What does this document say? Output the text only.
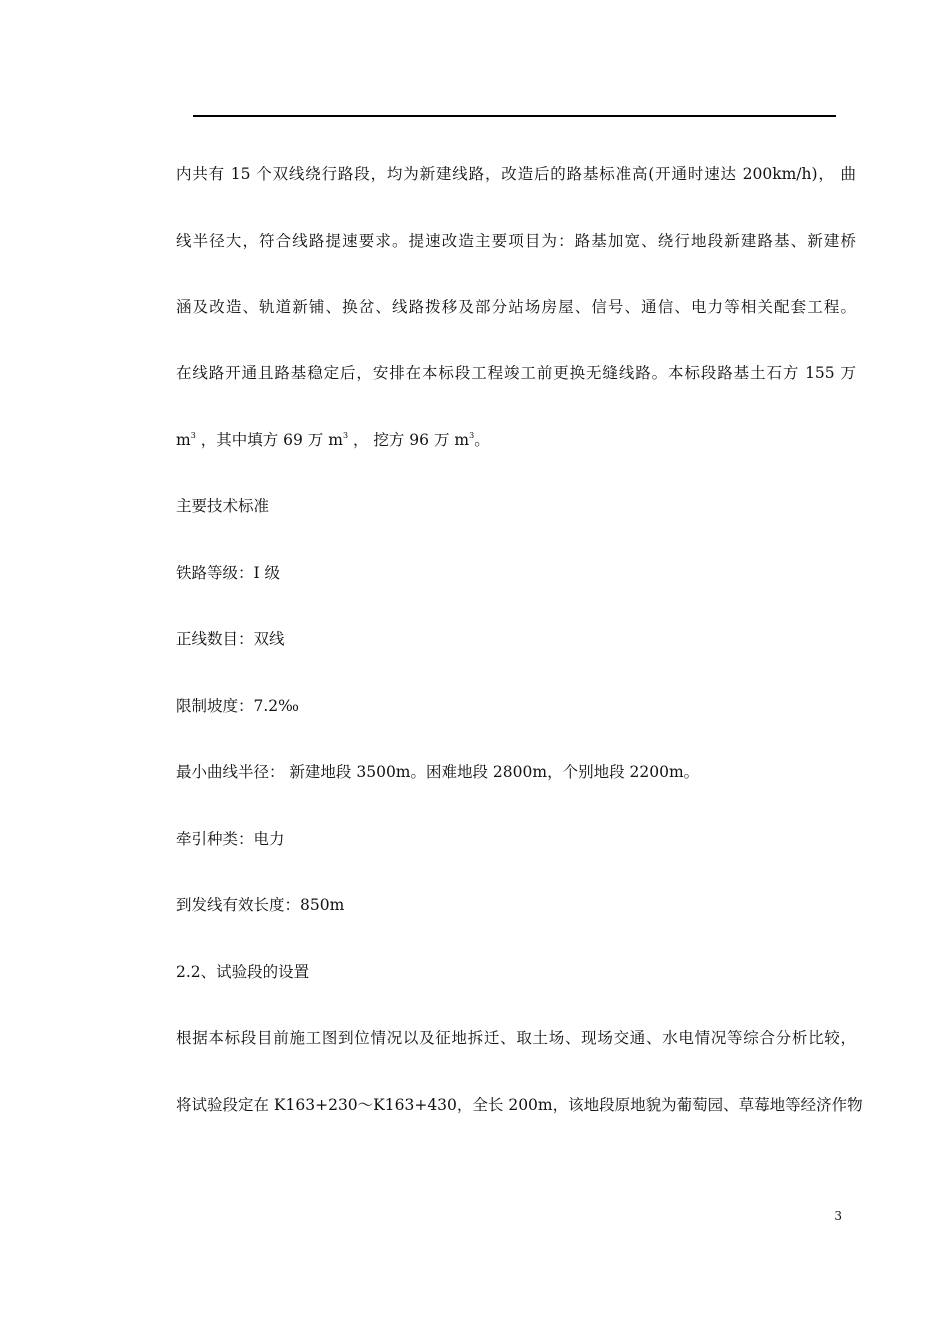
内共有 15 个双线绕行路段，均为新建线路，改造后的路基标准高(开通时速达 200km/h)， 曲
线半径大，符合线路提速要求。提速改造主要项目为：路基加宽、绕行地段新建路基、新建桥
涵及改造、轨道新铺、换岔、线路拨移及部分站场房屋、信号、通信、电力等相关配套工程。
在线路开通且路基稳定后，安排在本标段工程竣工前更换无缝线路。本标段路基土石方 155 万
$m^3$ ，其中填方 69 万 $m^3$ ， 挖方 96 万 $m^3$。
主要技术标准
铁路等级：I 级
正线数目：双线
限制坡度：7.2‰
最小曲线半径： 新建地段 3500m。困难地段 2800m，个别地段 2200m。
牵引种类：电力
到发线有效长度：850m
2.2、试验段的设置
根据本标段目前施工图到位情况以及征地拆迁、取土场、现场交通、水电情况等综合分析比较，
将试验段定在 K163+230～K163+430，全长 200m，该地段原地貌为葡萄园、草莓地等经济作物
3
